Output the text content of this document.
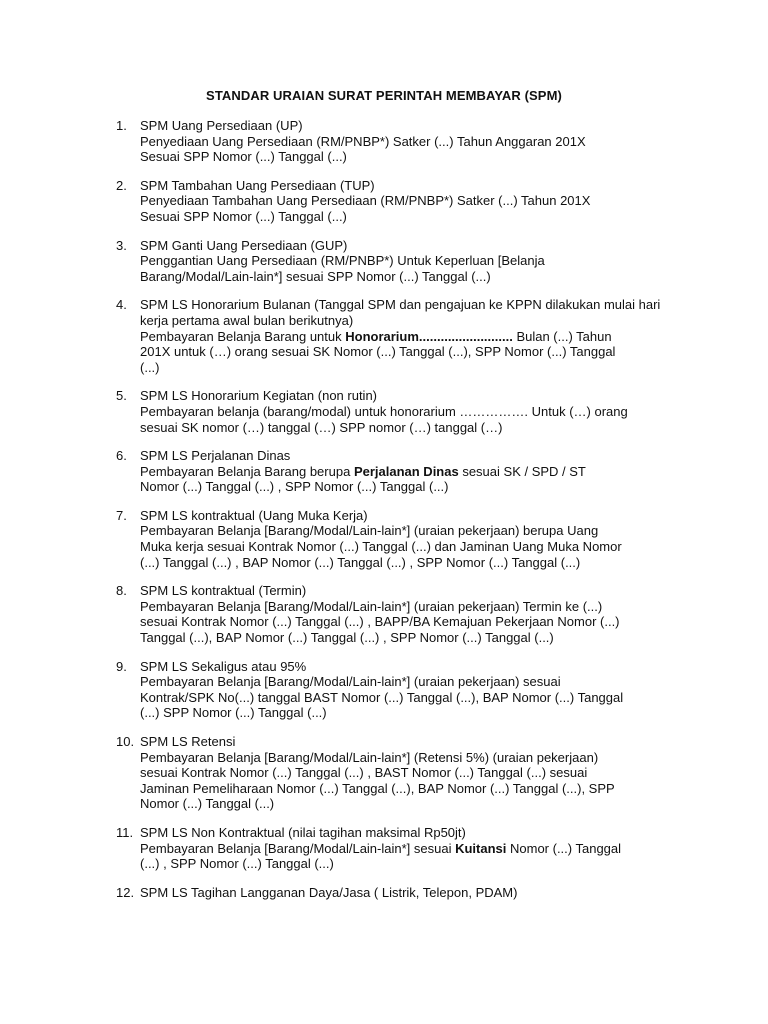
STANDAR URAIAN SURAT PERINTAH MEMBAYAR (SPM)
1.	SPM Uang Persediaan (UP)
Penyediaan Uang Persediaan (RM/PNBP*) Satker (...) Tahun Anggaran 201X
Sesuai SPP Nomor (...) Tanggal (...)
2.	SPM Tambahan Uang Persediaan (TUP)
Penyediaan Tambahan Uang Persediaan (RM/PNBP*) Satker (...) Tahun 201X
Sesuai SPP Nomor (...) Tanggal (...)
3.	SPM Ganti Uang Persediaan (GUP)
Penggantian Uang Persediaan (RM/PNBP*) Untuk Keperluan [Belanja
Barang/Modal/Lain-lain*] sesuai SPP Nomor (...) Tanggal (...)
4.	SPM LS Honorarium Bulanan (Tanggal SPM dan pengajuan ke KPPN dilakukan mulai hari kerja pertama awal bulan berikutnya)
Pembayaran Belanja Barang untuk Honorarium.......................... Bulan (...) Tahun
201X untuk (…) orang sesuai SK Nomor (...) Tanggal (...), SPP Nomor (...) Tanggal
(...)
5.	SPM LS Honorarium Kegiatan (non rutin)
Pembayaran belanja (barang/modal) untuk honorarium ……………. Untuk (…) orang
sesuai SK nomor (…) tanggal (…) SPP nomor (…) tanggal (…)
6.	SPM LS Perjalanan Dinas
Pembayaran Belanja Barang berupa Perjalanan Dinas sesuai SK / SPD / ST
Nomor (...) Tanggal (...) , SPP Nomor (...) Tanggal (...)
7.	SPM LS kontraktual (Uang Muka Kerja)
Pembayaran Belanja [Barang/Modal/Lain-lain*] (uraian pekerjaan) berupa Uang
Muka kerja sesuai Kontrak Nomor (...) Tanggal (...) dan Jaminan Uang Muka Nomor
(...) Tanggal (...) , BAP Nomor (...) Tanggal (...) , SPP Nomor (...) Tanggal (...)
8.	SPM LS kontraktual (Termin)
Pembayaran Belanja [Barang/Modal/Lain-lain*] (uraian pekerjaan) Termin ke (...)
sesuai Kontrak Nomor (...) Tanggal (...) , BAPP/BA Kemajuan Pekerjaan Nomor (...)
Tanggal (...), BAP Nomor (...) Tanggal (...) , SPP Nomor (...) Tanggal (...)
9.	SPM LS Sekaligus atau 95%
Pembayaran Belanja [Barang/Modal/Lain-lain*] (uraian pekerjaan) sesuai
Kontrak/SPK No(...) tanggal BAST Nomor (...) Tanggal (...), BAP Nomor (...) Tanggal
(...) SPP Nomor (...) Tanggal (...)
10. SPM LS Retensi
Pembayaran Belanja [Barang/Modal/Lain-lain*] (Retensi 5%) (uraian pekerjaan)
sesuai Kontrak Nomor (...) Tanggal (...) , BAST Nomor (...) Tanggal (...) sesuai
Jaminan Pemeliharaan Nomor (...) Tanggal (...), BAP Nomor (...) Tanggal (...), SPP
Nomor (...) Tanggal (...)
11. SPM LS Non Kontraktual (nilai tagihan maksimal Rp50jt)
Pembayaran Belanja [Barang/Modal/Lain-lain*] sesuai Kuitansi Nomor (...) Tanggal
(...) , SPP Nomor (...) Tanggal (...)
12. SPM LS Tagihan Langganan Daya/Jasa ( Listrik, Telepon, PDAM)
